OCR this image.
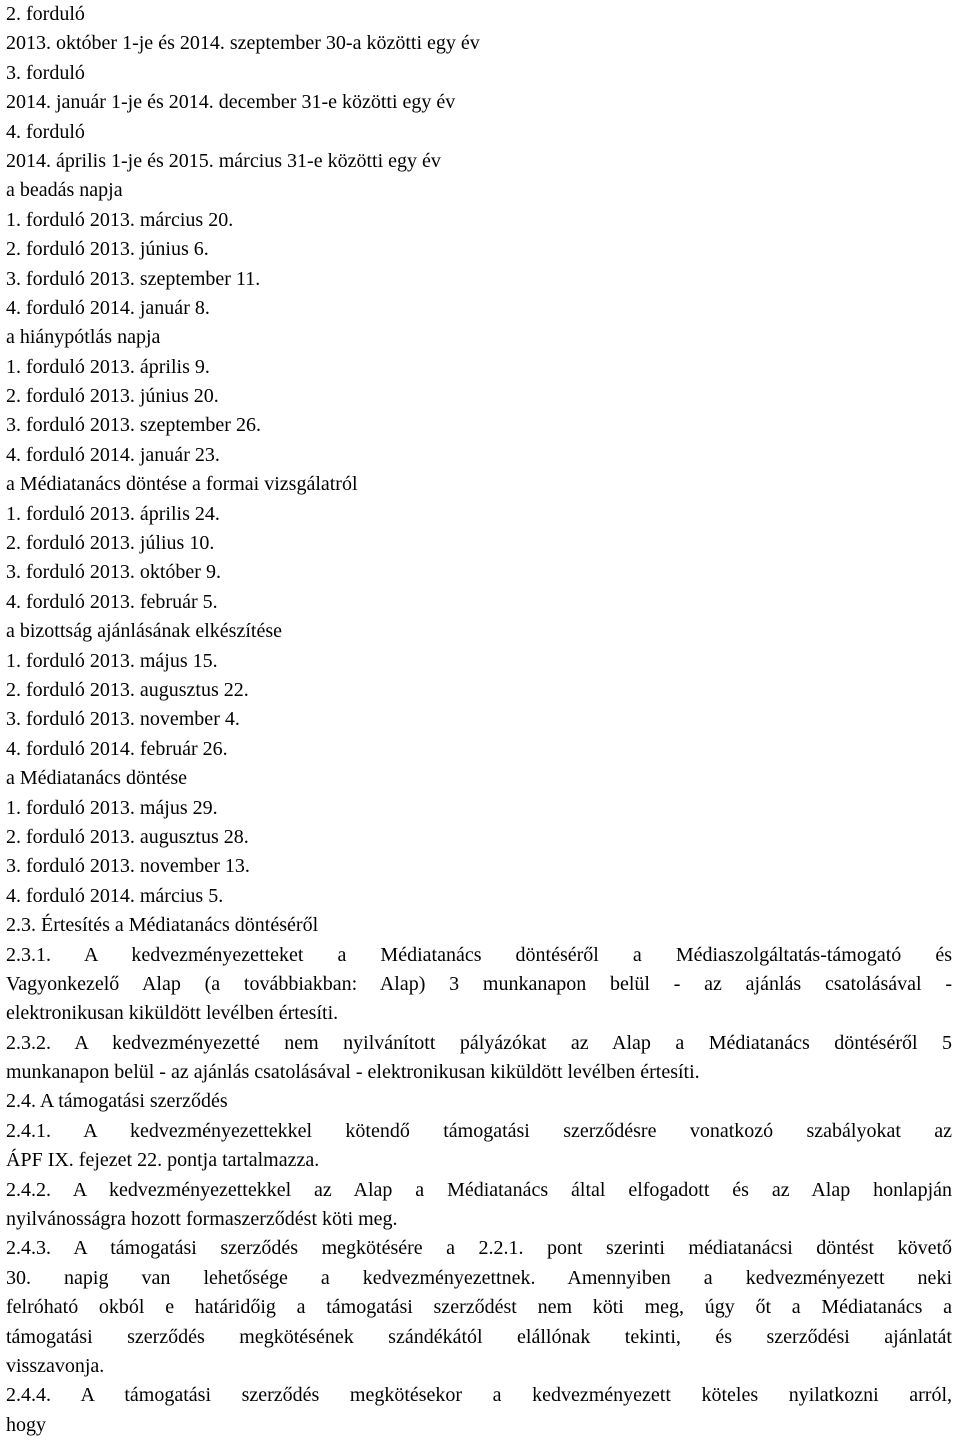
2. forduló
2013. október 1-je és 2014. szeptember 30-a közötti egy év
3. forduló
2014. január 1-je és 2014. december 31-e közötti egy év
4. forduló
2014. április 1-je és 2015. március 31-e közötti egy év
a beadás napja
1. forduló 2013. március 20.
2. forduló 2013. június 6.
3. forduló 2013. szeptember 11.
4. forduló 2014. január 8.
a hiánypótlás napja
1. forduló 2013. április 9.
2. forduló 2013. június 20.
3. forduló 2013. szeptember 26.
4. forduló 2014. január 23.
a Médiatanács döntése a formai vizsgálatról
1. forduló 2013. április 24.
2. forduló 2013. július 10.
3. forduló 2013. október 9.
4. forduló 2013. február 5.
a bizottság ajánlásának elkészítése
1. forduló 2013. május 15.
2. forduló 2013. augusztus 22.
3. forduló 2013. november 4.
4. forduló 2014. február 26.
a Médiatanács döntése
1. forduló 2013. május 29.
2. forduló 2013. augusztus 28.
3. forduló 2013. november 13.
4. forduló 2014. március 5.
2.3. Értesítés a Médiatanács döntéséről
2.3.1. A kedvezményezetteket a Médiatanács döntéséről a Médiaszolgáltatás-támogató és
Vagyonkezelő Alap (a továbbiakban: Alap) 3 munkanapon belül - az ajánlás csatolásával -
elektronikusan kiküldött levélben értesíti.
2.3.2. A kedvezményezetté nem nyilvánított pályázókat az Alap a Médiatanács döntéséről 5
munkanapon belül - az ajánlás csatolásával - elektronikusan kiküldött levélben értesíti.
2.4. A támogatási szerződés
2.4.1. A kedvezményezettekkel kötendő támogatási szerződésre vonatkozó szabályokat az
ÁPF IX. fejezet 22. pontja tartalmazza.
2.4.2. A kedvezményezettekkel az Alap a Médiatanács által elfogadott és az Alap honlapján
nyilvánosságra hozott formaszerződést köti meg.
2.4.3. A támogatási szerződés megkötésére a 2.2.1. pont szerinti médiatanácsi döntést követő
30. napig van lehetősége a kedvezményezettnek. Amennyiben a kedvezményezett neki
felróható okból e határidőig a támogatási szerződést nem köti meg, úgy őt a Médiatanács a
támogatási szerződés megkötésének szándékától elállónak tekinti, és szerződési ajánlatát
visszavonja.
2.4.4. A támogatási szerződés megkötésekor a kedvezményezett köteles nyilatkozni arról,
hogy
